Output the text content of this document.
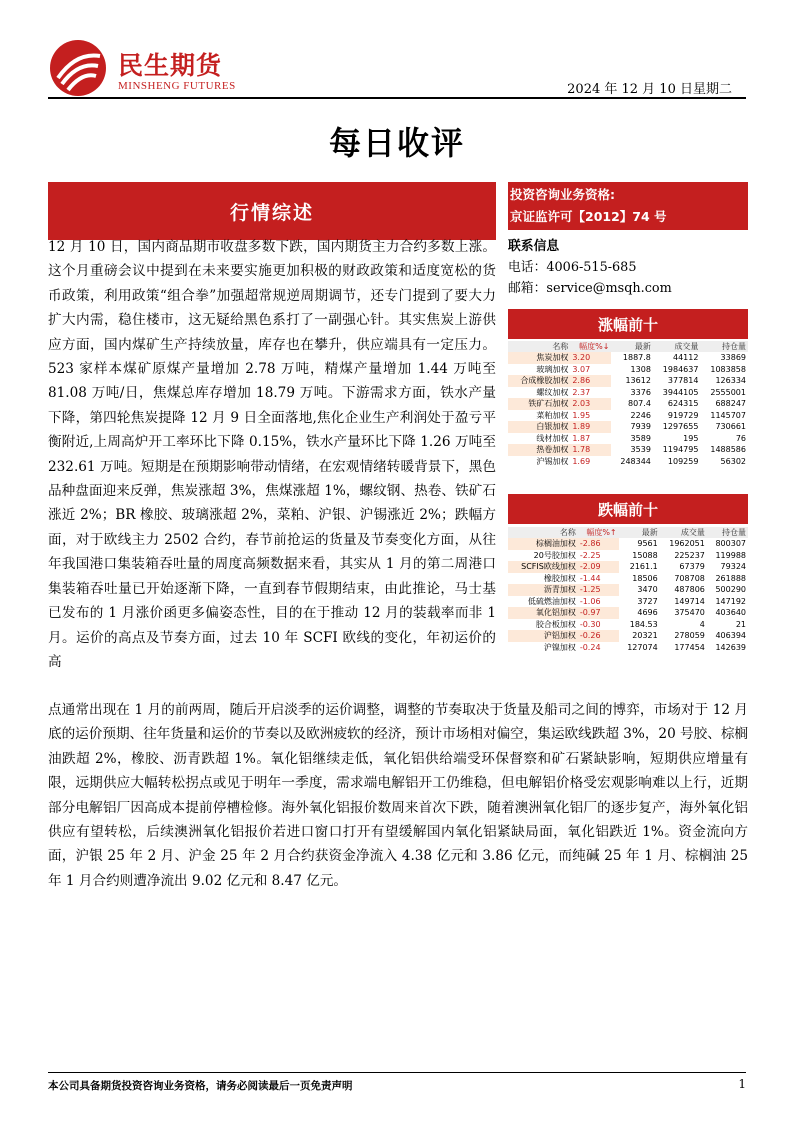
民生期货
MINSHENG FUTURES	2024 年 12 月 10 日星期二
每日收评
行情综述
12 月 10 日，国内商品期市收盘多数下跌，国内期货主力合约多数上涨。这个月重磅会议中提到在未来要实施更加积极的财政政策和适度宽松的货币政策，利用政策“组合拳”加强超常规逆周期调节，还专门提到了要大力扩大内需，稳住楼市，这无疑给黑色系打了一副强心针。其实焦炭上游供应方面，国内煤矿生产持续放量，库存也在攀升，供应端具有一定压力。523 家样本煤矿原煤产量增加 2.78 万吨，精煤产量增加 1.44 万吨至 81.08 万吨/日，焦煤总库存增加 18.79 万吨。下游需求方面，铁水产量下降，第四轮焦炭提降 12 月 9 日全面落地,焦化企业生产利润处于盈亏平衡附近,上周高炉开工率环比下降 0.15%，铁水产量环比下降 1.26 万吨至 232.61 万吨。短期是在预期影响带动情绪，在宏观情绪转暖背景下，黑色品种盘面迎来反弹，焦炭涨超 3%，焦煤涨超 1%，螺纹钢、热卷、铁矿石涨近 2%；BR 橡胶、玻璃涨超 2%，菜粕、沪银、沪锡涨近 2%；跌幅方面，对于欧线主力 2502 合约，春节前抢运的货量及节奏变化方面，从往年我国港口集装箱吞吐量的周度高频数据来看，其实从 1 月的第二周港口集装箱吞吐量已开始逐渐下降，一直到春节假期结束，由此推论，马士基已发布的 1 月涨价函更多偏姿态性，目的在于推动 12 月的装载率而非 1 月。运价的高点及节奏方面，过去 10 年 SCFI 欧线的变化，年初运价的高
点通常出现在 1 月的前两周，随后开启淡季的运价调整，调整的节奏取决于货量及船司之间的博弈，市场对于 12 月底的运价预期、往年货量和运价的节奏以及欧洲疲软的经济，预计市场相对偏空，集运欧线跌超 3%，20 号胶、棕榈油跌超 2%，橡胶、沥青跌超 1%。氧化铝继续走低，氧化铝供给端受环保督察和矿石紧缺影响，短期供应增量有限，远期供应大幅转松拐点或见于明年一季度，需求端电解铝开工仍维稳，但电解铝价格受宏观影响难以上行，近期部分电解铝厂因高成本提前停槽检修。海外氧化铝报价数周来首次下跌，随着澳洲氧化铝厂的逐步复产，海外氧化铝供应有望转松，后续澳洲氧化铝报价若进口窗口打开有望缓解国内氧化铝紧缺局面，氧化铝跌近 1%。资金流向方面，沪银 25 年 2 月、沪金 25 年 2 月合约获资金净流入 4.38 亿元和 3.86 亿元，而纯碱 25 年 1 月、棕榈油 25 年 1 月合约则遭净流出 9.02 亿元和 8.47 亿元。
投资咨询业务资格:
京证监许可【2012】74 号
联系信息
电话：4006-515-685
邮箱：service@msqh.com
涨幅前十
名称	幅度%↓	最新	成交量	持仓量
焦炭加权	3.20	1887.8	44112	33869
玻璃加权	3.07	1308	1984637	1083858
合成橡胶加权	2.86	13612	377814	126334
螺纹加权	2.37	3376	3944105	2555001
铁矿石加权	2.03	807.4	624315	688247
菜粕加权	1.95	2246	919729	1145707
白银加权	1.89	7939	1297655	730661
线材加权	1.87	3589	195	76
热卷加权	1.78	3539	1194795	1488586
沪锡加权	1.69	248344	109259	56302
跌幅前十
名称	幅度%↑	最新	成交量	持仓量
棕榈油加权	-2.86	9561	1962051	800307
20号胶加权	-2.25	15088	225237	119988
SCFIS欧线加权	-2.09	2161.1	67379	79324
橡胶加权	-1.44	18506	708708	261888
沥青加权	-1.25	3470	487806	500290
低硫燃油加权	-1.06	3727	149714	147192
氧化铝加权	-0.97	4696	375470	403640
胶合板加权	-0.30	184.53	4	21
沪铝加权	-0.26	20321	278059	406394
沪镍加权	-0.24	127074	177454	142639
本公司具备期货投资咨询业务资格，请务必阅读最后一页免责声明	1
